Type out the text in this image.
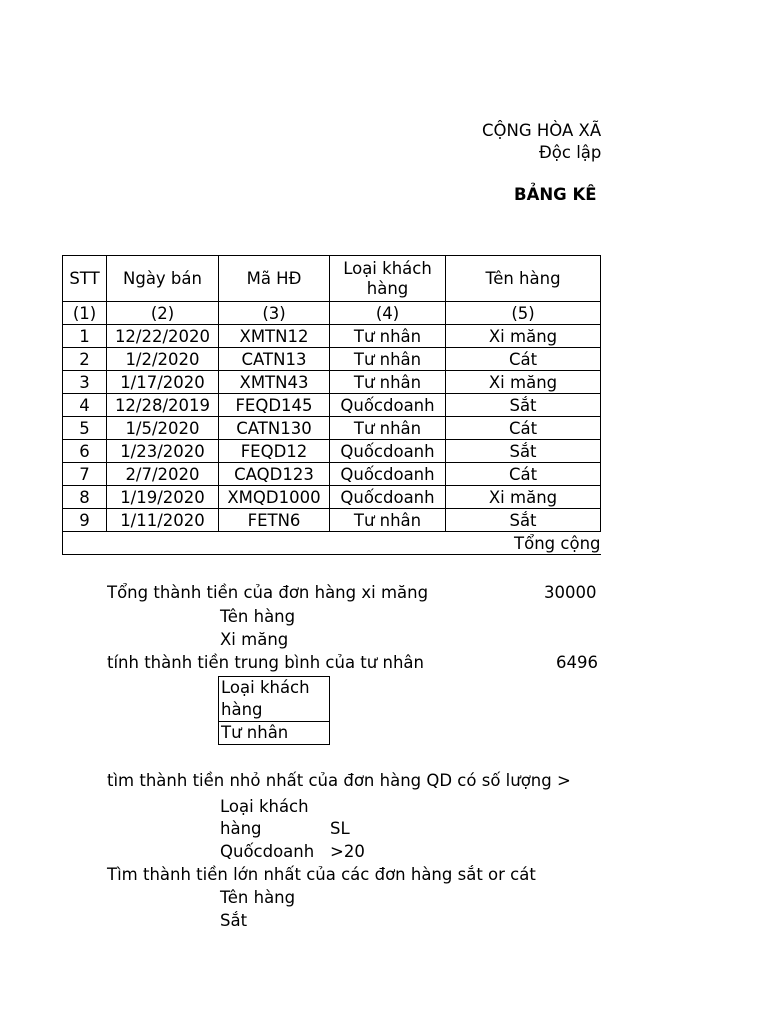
CỘNG HÒA XÃ
Độc lập
BẢNG KÊ
STT	Ngày bán	Mã HĐ	Loại khách hàng	Tên hàng
(1)	(2)	(3)	(4)	(5)
1	12/22/2020	XMTN12	Tư nhân	Xi măng
2	1/2/2020	CATN13	Tư nhân	Cát
3	1/17/2020	XMTN43	Tư nhân	Xi măng
4	12/28/2019	FEQD145	Quốcdoanh	Sắt
5	1/5/2020	CATN130	Tư nhân	Cát
6	1/23/2020	FEQD12	Quốcdoanh	Sắt
7	2/7/2020	CAQD123	Quốcdoanh	Cát
8	1/19/2020	XMQD1000	Quốcdoanh	Xi măng
9	1/11/2020	FETN6	Tư nhân	Sắt
Tổng cộng				
Tổng thành tiền của đơn hàng xi măng	30000
Tên hàng
Xi măng
tính thành tiền trung bình của tư nhân	6496
Loại khách hàng
Tư nhân
tìm thành tiền nhỏ nhất của đơn hàng QD có số lượng >
Loại khách
hàng	SL
Quốcdoanh >20
Tìm thành tiền lớn nhất của các đơn hàng sắt or cát
Tên hàng
Sắt
